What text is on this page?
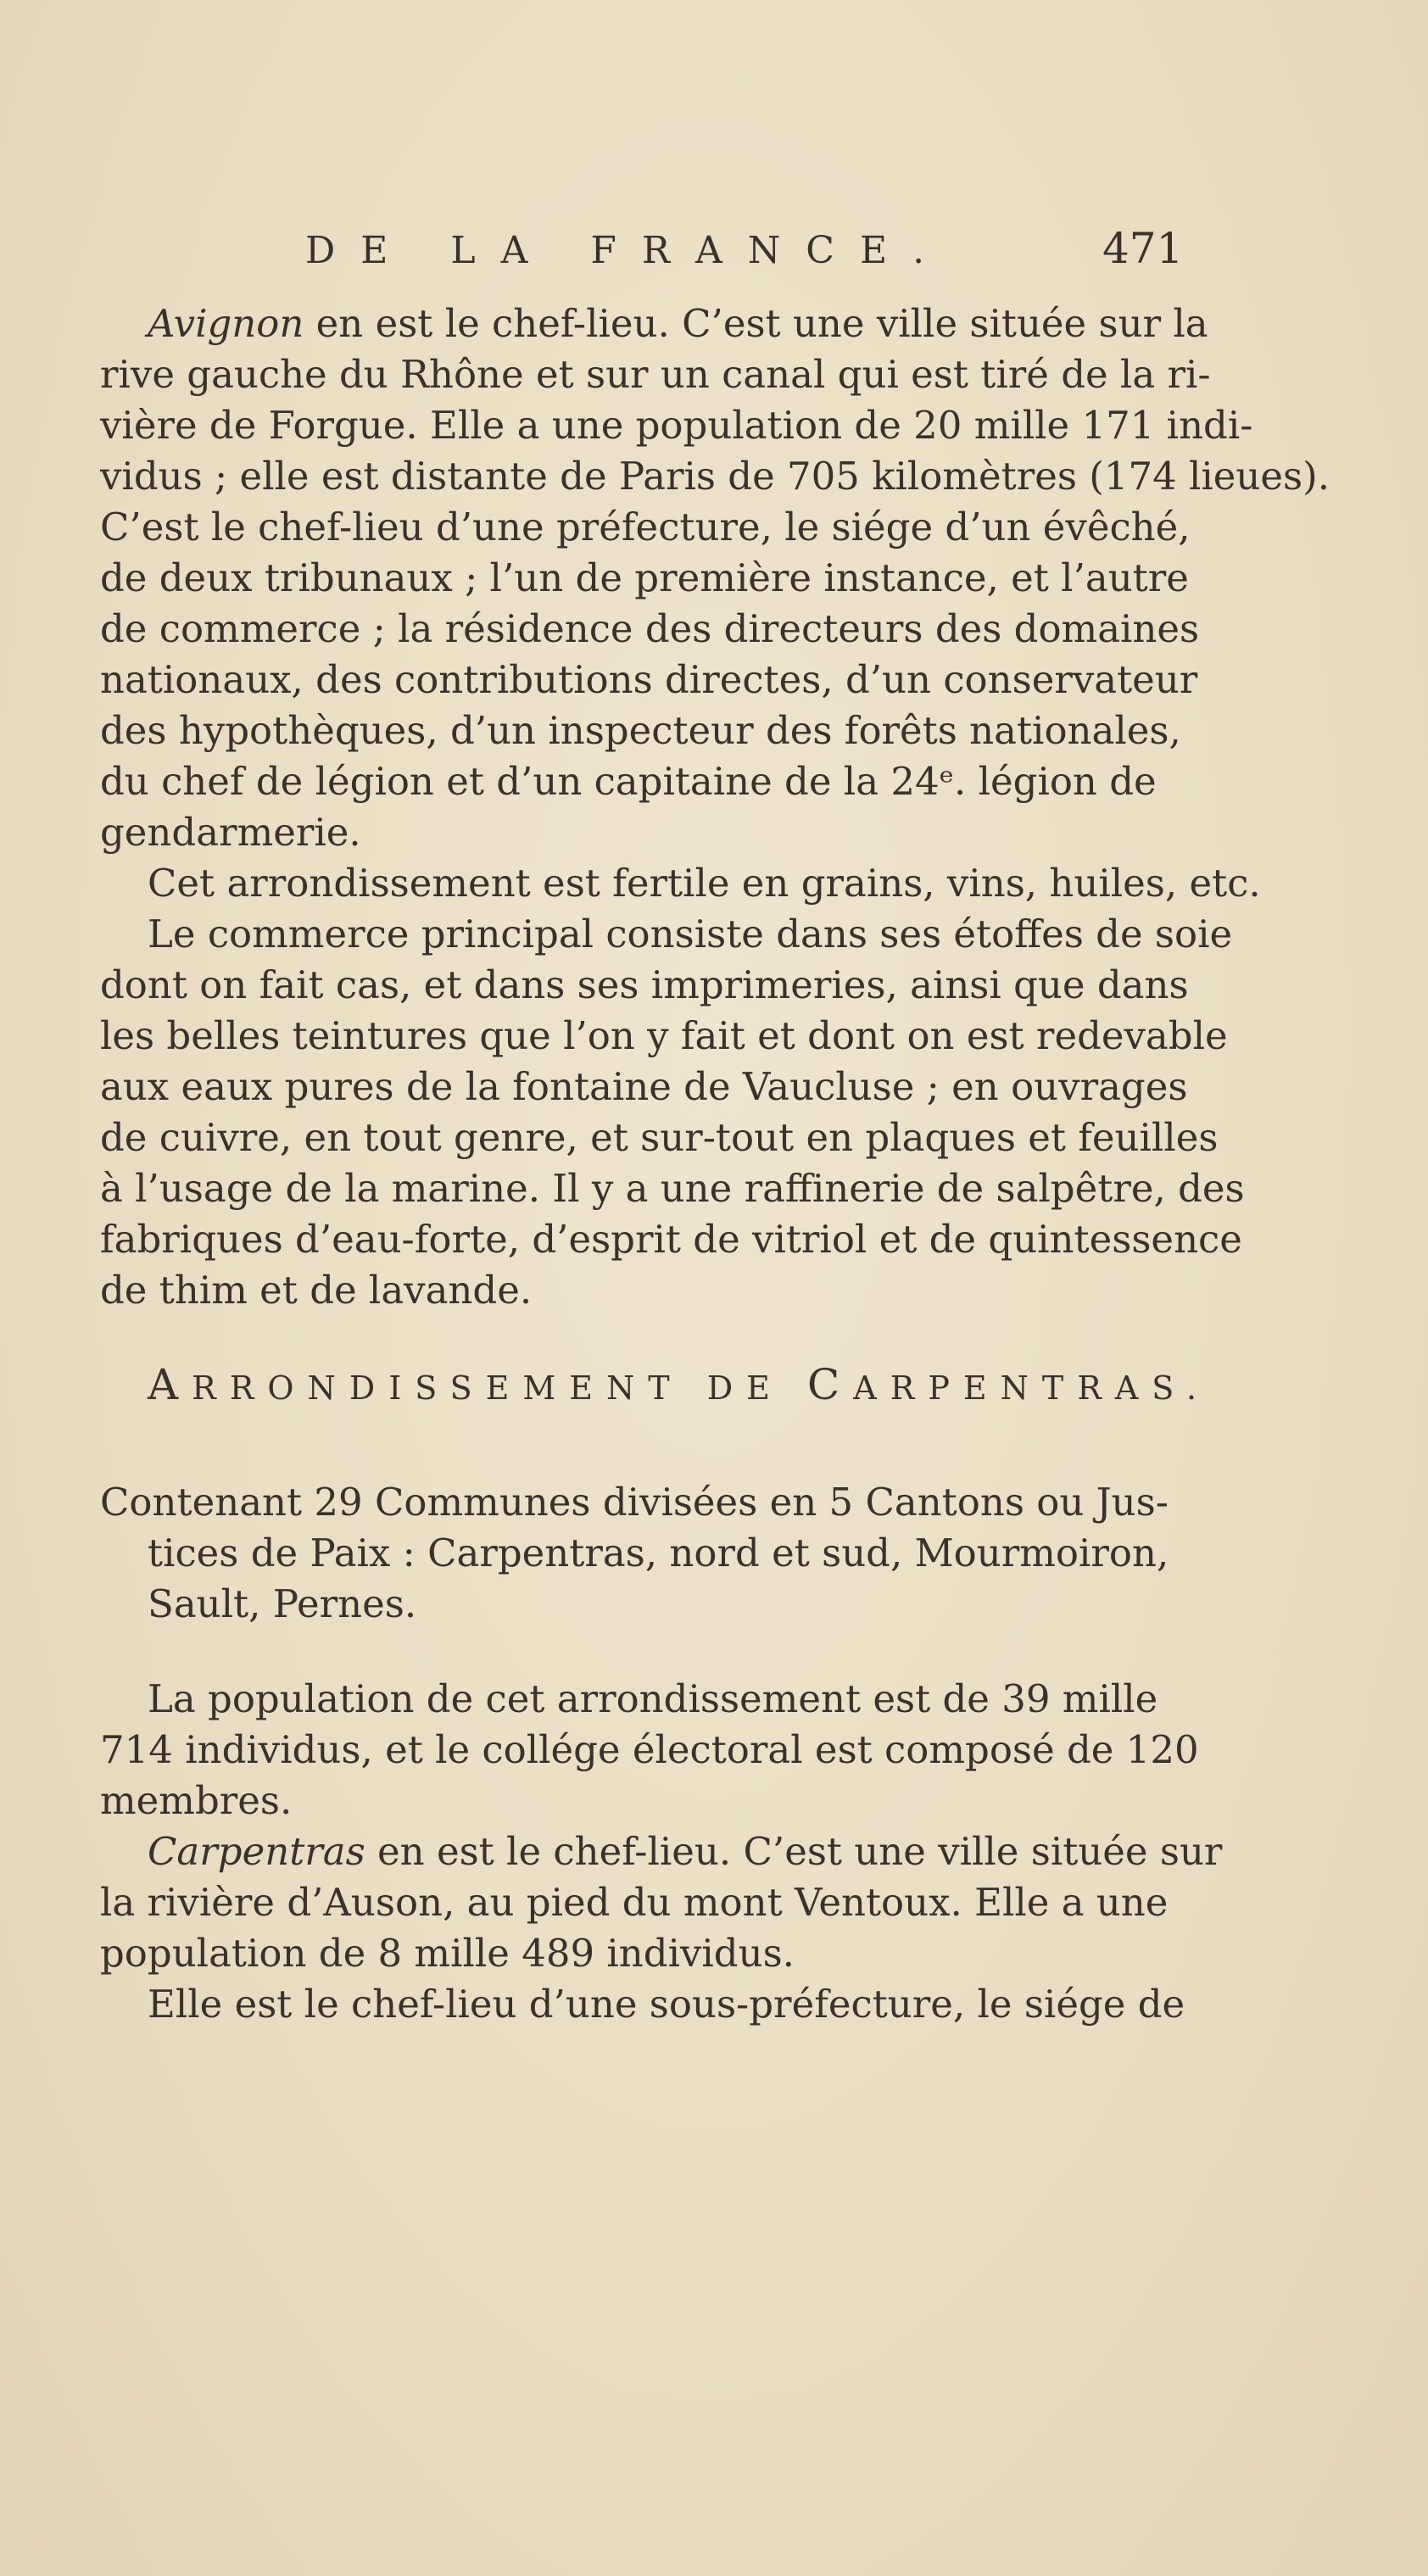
DE LA FRANCE.	471

Avignon en est le chef-lieu. C’est une ville située sur la
rive gauche du Rhône et sur un canal qui est tiré de la ri-
vière de Forgue. Elle a une population de 20 mille 171 indi-
vidus ; elle est distante de Paris de 705 kilomètres (174 lieues).
C’est le chef-lieu d’une préfecture, le siége d’un évêché,
de deux tribunaux ; l’un de première instance, et l’autre
de commerce ; la résidence des directeurs des domaines
nationaux, des contributions directes, d’un conservateur
des hypothèques, d’un inspecteur des forêts nationales,
du chef de légion et d’un capitaine de la 24ᵉ. légion de
gendarmerie.

Cet arrondissement est fertile en grains, vins, huiles, etc.

Le commerce principal consiste dans ses étoffes de soie
dont on fait cas, et dans ses imprimeries, ainsi que dans
les belles teintures que l’on y fait et dont on est redevable
aux eaux pures de la fontaine de Vaucluse ; en ouvrages
de cuivre, en tout genre, et sur-tout en plaques et feuilles
à l’usage de la marine. Il y a une raffinerie de salpêtre, des
fabriques d’eau-forte, d’esprit de vitriol et de quintessence
de thim et de lavande.

ARRONDISSEMENT DE CARPENTRAS.

Contenant 29 Communes divisées en 5 Cantons ou Jus-
tices de Paix : Carpentras, nord et sud, Mourmoiron,
Sault, Pernes.

La population de cet arrondissement est de 39 mille
714 individus, et le collége électoral est composé de 120
membres.

Carpentras en est le chef-lieu. C’est une ville située sur
la rivière d’Auson, au pied du mont Ventoux. Elle a une
population de 8 mille 489 individus.

Elle est le chef-lieu d’une sous-préfecture, le siége de
